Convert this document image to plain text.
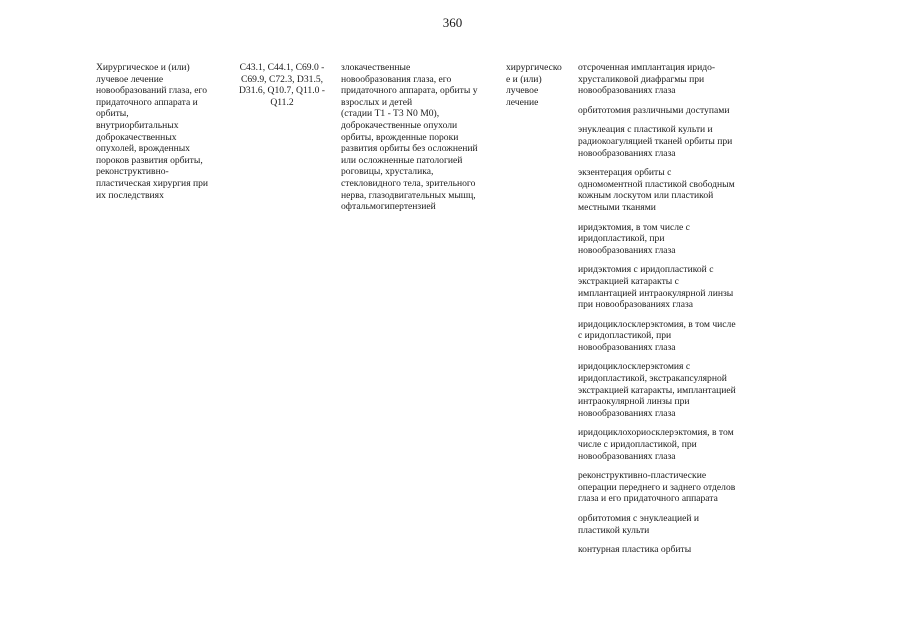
360
Хирургическое и (или)
лучевое лечение
новообразований глаза, его
придаточного аппарата и
орбиты,
внутриорбитальных
доброкачественных
опухолей, врожденных
пороков развития орбиты,
реконструктивно-
пластическая хирургия при
их последствиях
C43.1, C44.1, C69.0 -
C69.9, C72.3, D31.5,
D31.6, Q10.7, Q11.0 -
Q11.2
злокачественные
новообразования глаза, его
придаточного аппарата, орбиты у
взрослых и детей
(стадии T1 - T3 N0 M0),
доброкачественные опухоли
орбиты, врожденные пороки
развития орбиты без осложнений
или осложненные патологией
роговицы, хрусталика,
стекловидного тела, зрительного
нерва, глазодвигательных мышц,
офтальмогипертензией
хирургическо
е и (или)
лучевое
лечение
отсроченная имплантация иридо-
хрусталиковой диафрагмы при
новообразованиях глаза
орбитотомия различными доступами
энуклеация с пластикой культи и
радиокоагуляцией тканей орбиты при
новообразованиях глаза
экзентерация орбиты с
одномоментной пластикой свободным
кожным лоскутом или пластикой
местными тканями
иридэктомия, в том числе с
иридопластикой, при
новообразованиях глаза
иридэктомия с иридопластикой с
экстракцией катаракты с
имплантацией интраокулярной линзы
при новообразованиях глаза
иридоциклосклерэктомия, в том числе
с иридопластикой, при
новообразованиях глаза
иридоциклосклерэктомия с
иридопластикой, экстракапсулярной
экстракцией катаракты, имплантацией
интраокулярной линзы при
новообразованиях глаза
иридоциклохориосклерэктомия, в том
числе с иридопластикой, при
новообразованиях глаза
реконструктивно-пластические
операции переднего и заднего отделов
глаза и его придаточного аппарата
орбитотомия с энуклеацией и
пластикой культи
контурная пластика орбиты
